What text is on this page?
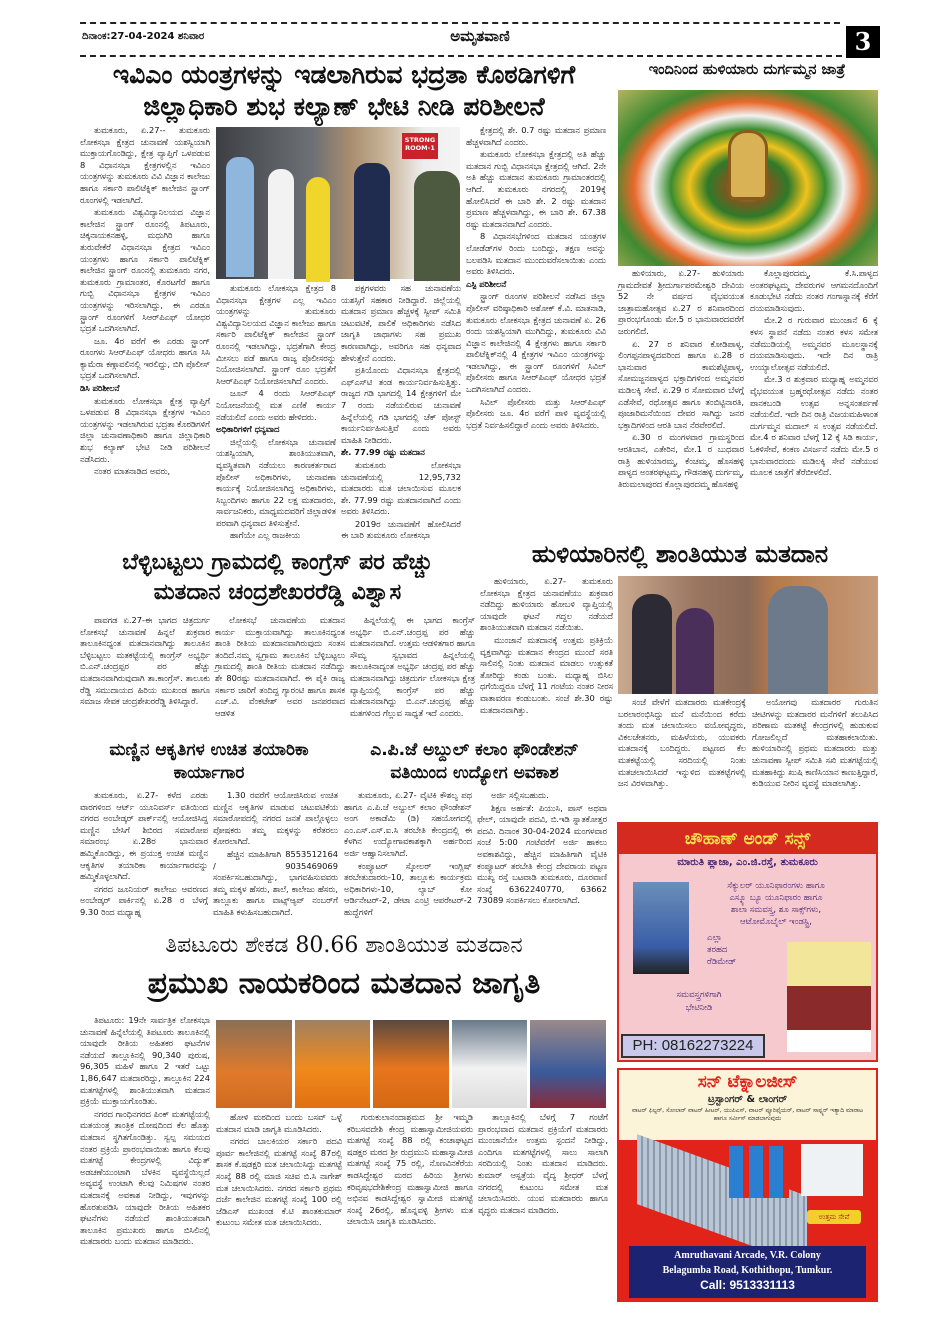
ದಿನಾಂಕ:27-04-2024 ಶನಿವಾರ	ಅಮೃತವಾಣಿ	3
ಇವಿಎಂ ಯಂತ್ರಗಳನ್ನು ಇಡಲಾಗಿರುವ ಭದ್ರತಾ ಕೊಠಡಿಗಳಿಗೆ
ಜಿಲ್ಲಾಧಿಕಾರಿ ಶುಭ ಕಲ್ಯಾಣ್ ಭೇಟಿ ನೀಡಿ ಪರಿಶೀಲನೆ

ತುಮಕೂರು, ಏ.27-- ತುಮಕೂರು ಲೋಕಸಭಾ ಕ್ಷೇತ್ರದ ಚುನಾವಣೆ ಯಶಸ್ವಿಯಾಗಿ ಮುಕ್ತಾಯಗೊಂಡಿದ್ದು, ಕ್ಷೇತ್ರ ವ್ಯಾಪ್ತಿಗೆ ಒಳಪಡುವ 8 ವಿಧಾನಸಭಾ ಕ್ಷೇತ್ರಗಳಲ್ಲಿನ ಇವಿಎಂ ಯಂತ್ರಗಳನ್ನು ತುಮಕೂರು ವಿವಿ ವಿಜ್ಞಾನ ಕಾಲೇಜು ಹಾಗೂ ಸರ್ಕಾರಿ ಪಾಲಿಟೆಕ್ನಿಕ್ ಕಾಲೇಜಿನ ಸ್ಟ್ರಾಂಗ್ ರೂಂಗಳಲ್ಲಿ ಇಡಲಾಗಿದೆ.

ತುಮಕೂರು ವಿಶ್ವವಿದ್ಯಾನಿಲಯದ ವಿಜ್ಞಾನ ಕಾಲೇಜಿನ ಸ್ಟ್ರಾಂಗ್ ರೂಂನಲ್ಲಿ ತಿಪಟೂರು, ಚಿಕ್ಕನಾಯಕನಹಳ್ಳಿ, ಮಧುಗಿರಿ ಹಾಗೂ ತುರುವೇಕೆರೆ ವಿಧಾನಸಭಾ ಕ್ಷೇತ್ರದ ಇವಿಎಂ ಯಂತ್ರಗಳು ಹಾಗೂ ಸರ್ಕಾರಿ ಪಾಲಿಟೆಕ್ನಿಕ್ ಕಾಲೇಜಿನ ಸ್ಟ್ರಾಂಗ್ ರೂಂನಲ್ಲಿ ತುಮಕೂರು ನಗರ, ತುಮಕೂರು ಗ್ರಾಮಾಂತರ, ಕೊರಟಗೆರೆ ಹಾಗೂ ಗುಬ್ಬಿ ವಿಧಾನಸಭಾ ಕ್ಷೇತ್ರಗಳ ಇವಿಎಂ ಯಂತ್ರಗಳನ್ನು ಇರಿಸಲಾಗಿದ್ದು, ಈ ಎರಡೂ ಸ್ಟ್ರಾಂಗ್ ರೂಂಗಳಿಗೆ ಸಿಆರ್‌ಪಿಎಫ್ ಯೋಧರ ಭದ್ರತೆ ಒದಗಿಸಲಾಗಿದೆ.

ಜೂ. 4ರ ವರೆಗೆ ಈ ಎರಡು ಸ್ಟ್ರಾಂಗ್ ರೂಂಗಳು ಸಿಆರ್‌ಪಿಎಫ್ ಯೋಧರು ಹಾಗೂ ಸಿಸಿ ಕ್ಯಾಮೆರಾ ಕಣ್ಗಾವಲಿನಲ್ಲಿ ಇರಲಿದ್ದು, ಬಿಗಿ ಪೊಲೀಸ್ ಭದ್ರತೆ ಒದಗಿಸಲಾಗಿದೆ.

ಡಿಸಿ ಪರಿಶೀಲನೆ

ತುಮಕೂರು ಲೋಕಸಭಾ ಕ್ಷೇತ್ರ ವ್ಯಾಪ್ತಿಗೆ ಒಳಪಡುವ 8 ವಿಧಾನಸಭಾ ಕ್ಷೇತ್ರಗಳ ಇವಿಎಂ ಯಂತ್ರಗಳನ್ನು ಇಡಲಾಗಿರುವ ಭದ್ರತಾ ಕೊಠಡಿಗಳಿಗೆ ಜಿಲ್ಲಾ ಚುನಾವಣಾಧಿಕಾರಿ ಹಾಗೂ ಜಿಲ್ಲಾಧಿಕಾರಿ ಶುಭ ಕಲ್ಯಾಣ್ ಭೇಟಿ ನೀಡಿ ಪರಿಶೀಲನೆ ನಡೆಸಿದರು.

ನಂತರ ಮಾತನಾಡಿದ ಅವರು,

STRONG ROOM-1

ತುಮಕೂರು ಲೋಕಸಭಾ ಕ್ಷೇತ್ರದ 8 ವಿಧಾನಸಭಾ ಕ್ಷೇತ್ರಗಳ ಎಲ್ಲ ಇವಿಎಂ ಯಂತ್ರಗಳನ್ನು ತುಮಕೂರು ವಿಶ್ವವಿದ್ಯಾನಿಲಯದ ವಿಜ್ಞಾನ ಕಾಲೇಜು ಹಾಗೂ ಸರ್ಕಾರಿ ಪಾಲಿಟೆಕ್ನಿಕ್ ಕಾಲೇಜಿನ ಸ್ಟ್ರಾಂಗ್ ರೂಂನಲ್ಲಿ ಇಡಲಾಗಿದ್ದು, ಭದ್ರತೆಗಾಗಿ ಕೇಂದ್ರ ಮೀಸಲು ಪಡೆ ಹಾಗೂ ರಾಜ್ಯ ಪೊಲೀಸರನ್ನು ನಿಯೋಜಿಸಲಾಗಿದೆ. ಸ್ಟ್ರಾಂಗ್ ರೂಂ ಭದ್ರತೆಗೆ ಸಿಆರ್‌ಪಿಎಫ್ ನಿಯೋಜಿಸಲಾಗಿದೆ ಎಂದರು.

ಜೂನ್ 4 ರಂದು ಸಿಆರ್‌ಪಿಎಫ್ ನಿಯೋಜನೆಯಲ್ಲಿ ಮತ ಎಣಿಕೆ ಕಾರ್ಯ ನಡೆಯಲಿದೆ ಎಂದು ಅವರು ಹೇಳಿದರು.

ಅಧಿಕಾರಿಗಳಿಗೆ ಧನ್ಯವಾದ

ಜಿಲ್ಲೆಯಲ್ಲಿ ಲೋಕಸಭಾ ಚುನಾವಣೆ ಯಶಸ್ವಿಯಾಗಿ, ಶಾಂತಿಯುತವಾಗಿ, ವ್ಯವಸ್ಥಿತವಾಗಿ ನಡೆಯಲು ಕಾರಣಕರ್ತರಾದ ಪೊಲೀಸ್ ಅಧಿಕಾರಿಗಳು, ಚುನಾವಣಾ ಕಾರ್ಯಕ್ಕೆ ನಿಯೋಜಿಸಲಾಗಿದ್ದ ಅಧಿಕಾರಿಗಳು, ಸಿಬ್ಬಂದಿಗಳು ಹಾಗೂ 22 ಲಕ್ಷ ಮತದಾರರು, ಸಾರ್ವಜನಿಕರು, ಮಾಧ್ಯಮದವರಿಗೆ ಜಿಲ್ಲಾಡಳಿತ ಪರವಾಗಿ ಧನ್ಯವಾದ ತಿಳಿಸುತ್ತೇನೆ.

ಹಾಗೆಯೇ ಎಲ್ಲ ರಾಜಕೀಯ

ಪಕ್ಷಗಳವರು ಸಹ ಚುನಾವಣೆಯ ಯಶಸ್ಸಿಗೆ ಸಹಕಾರ ನೀಡಿದ್ದಾರೆ. ಜಿಲ್ಲೆಯಲ್ಲಿ ಮತದಾನ ಪ್ರಮಾಣ ಹೆಚ್ಚಳಕ್ಕೆ ಸ್ವೀಪ್ ಸಮಿತಿ ಚಟುವಟಿಕೆ, ಪಾಲಿಕೆ ಅಧಿಕಾರಿಗಳು ನಡೆಸಿದ ಜಾಗೃತಿ ಜಾಥಾಗಳು ಸಹ ಪ್ರಮುಖ ಕಾರಣವಾಗಿದ್ದು, ಅವರಿಗೂ ಸಹ ಧನ್ಯವಾದ ಹೇಳುತ್ತೇನೆ ಎಂದರು.

ಪ್ರತಿಯೊಂದು ವಿಧಾನಸಭಾ ಕ್ಷೇತ್ರದಲ್ಲಿ ಎಫ್‌ಎಸ್‌ಟಿ ತಂಡ ಕಾರ್ಯನಿರ್ವಹಿಸುತ್ತಿತ್ತು. ರಾಜ್ಯದ ಗಡಿ ಭಾಗದಲ್ಲಿ 14 ಕ್ಷೇತ್ರಗಳಿಗೆ ಮೇ 7 ರಂದು ನಡೆಯಲಿರುವ ಚುನಾವಣೆ ಹಿನ್ನೆಲೆಯಲ್ಲಿ ಗಡಿ ಭಾಗದಲ್ಲಿ ಚೆಕ್ ಪೋಸ್ಟ್ ಕಾರ್ಯನಿರ್ವಹಿಸುತ್ತಿವೆ ಎಂದು ಅವರು ಮಾಹಿತಿ ನೀಡಿದರು.

ಶೇ. 77.99 ರಷ್ಟು ಮತದಾನ

ತುಮಕೂರು ಲೋಕಸಭಾ ಚುನಾವಣೆಯಲ್ಲಿ 12,95,732 ಮತದಾರರು ಮತ ಚಲಾಯಿಸುವ ಮೂಲಕ ಶೇ. 77.99 ರಷ್ಟು ಮತದಾನವಾಗಿದೆ ಎಂದು ಅವರು ತಿಳಿಸಿದರು.

2019ರ ಚುನಾವಣೆಗೆ ಹೋಲಿಸಿದರೆ ಈ ಬಾರಿ ತುಮಕೂರು ಲೋಕಸಭಾ

ಕ್ಷೇತ್ರದಲ್ಲಿ ಶೇ. 0.7 ರಷ್ಟು ಮತದಾನ ಪ್ರಮಾಣ ಹೆಚ್ಚಳವಾಗಿದೆ ಎಂದರು.

ತುಮಕೂರು ಲೋಕಸಭಾ ಕ್ಷೇತ್ರದಲ್ಲಿ ಅತಿ ಹೆಚ್ಚು ಮತದಾನ ಗುಬ್ಬಿ ವಿಧಾನಸಭಾ ಕ್ಷೇತ್ರದಲ್ಲಿ ಆಗಿದೆ. 2ನೇ ಅತಿ ಹೆಚ್ಚು ಮತದಾನ ತುಮಕೂರು ಗ್ರಾಮಾಂತರದಲ್ಲಿ ಆಗಿದೆ. ತುಮಕೂರು ನಗರದಲ್ಲಿ 2019ಕ್ಕೆ ಹೋಲಿಸಿದರೆ ಈ ಬಾರಿ ಶೇ. 2 ರಷ್ಟು ಮತದಾನ ಪ್ರಮಾಣ ಹೆಚ್ಚಳವಾಗಿದ್ದು, ಈ ಬಾರಿ ಶೇ. 67.38 ರಷ್ಟು ಮತದಾನವಾಗಿದೆ ಎಂದರು.

8 ವಿಧಾನಸಭೆಗಳಿಂದ ಮತದಾನ ಯಂತ್ರಗಳ ಲೋಡೆಡ್‌ಗಳ ರಿಂದು ಬಂದಿದ್ದು, ತಕ್ಷಣ ಅವನ್ನು ಬಲಪಡಿಸಿ ಮತದಾನ ಮುಂದುವರೆಸಲಾಯಿತು ಎಂದು ಅವರು ತಿಳಿಸಿದರು.

ಎಸ್ಪಿ ಪರಿಶೀಲನೆ

ಸ್ಟ್ರಾಂಗ್ ರೂಂಗಳ ಪರಿಶೀಲನೆ ನಡೆಸಿದ ಜಿಲ್ಲಾ ಪೊಲೀಸ್ ವರಿಷ್ಠಾಧಿಕಾರಿ ಅಶೋಕ್ ಕೆ.ವಿ. ಮಾತನಾಡಿ, ತುಮಕೂರು ಲೋಕಸಭಾ ಕ್ಷೇತ್ರದ ಚುನಾವಣೆ ಏ. 26 ರಂದು ಯಶಸ್ವಿಯಾಗಿ ಮುಗಿದಿದ್ದು, ತುಮಕೂರು ವಿವಿ ವಿಜ್ಞಾನ ಕಾಲೇಜಿನಲ್ಲಿ 4 ಕ್ಷೇತ್ರಗಳು ಹಾಗೂ ಸರ್ಕಾರಿ ಪಾಲಿಟೆಕ್ನಿಕ್‌ನಲ್ಲಿ 4 ಕ್ಷೇತ್ರಗಳ ಇವಿಎಂ ಯಂತ್ರಗಳನ್ನು ಇಡಲಾಗಿದ್ದು, ಈ ಸ್ಟ್ರಾಂಗ್ ರೂಂಗಳಿಗೆ ಸಿವಿಲ್ ಪೊಲೀಸರು ಹಾಗೂ ಸಿಆರ್‌ಪಿಎಫ್ ಯೋಧರ ಭದ್ರತೆ ಒದಗಿಸಲಾಗಿದೆ ಎಂದರು.

ಸಿವಿಲ್ ಪೊಲೀಸರು ಮತ್ತು ಸಿಆರ್‌ಪಿಎಫ್ ಪೊಲೀಸರು ಜೂ. 4ರ ವರೆಗೆ ಪಾಳಿ ವ್ಯವಸ್ಥೆಯಲ್ಲಿ ಭದ್ರತೆ ನಿರ್ವಹಿಸಲಿದ್ದಾರೆ ಎಂದು ಅವರು ತಿಳಿಸಿದರು.

ಇಂದಿನಿಂದ ಹುಳಿಯಾರು ದುರ್ಗಮ್ಮನ ಜಾತ್ರೆ

ಹುಳಿಯಾರು, ಏ.27- ಹುಳಿಯಾರು ಗ್ರಾಮದೇವತೆ ಶ್ರೀದುರ್ಗಾಪರಮೇಶ್ವರಿ ದೇವಿಯ 52 ನೇ ವರ್ಷದ ವೈಭವಯುತ ಜಾತ್ರಾಮಹೋತ್ಸವ ಏ.27 ರ ಶನಿವಾರದಿಂದ ಪ್ರಾರಂಭಗೊಂಡು ಮೇ.5 ರ ಭಾನುವಾರದವರೆಗೆ ಜರುಗಲಿದೆ.

ಏ. 27 ರ ಶನಿವಾರ ಕೋಡಿಪಾಳ್ಯ, ಲಿಂಗಪ್ಪನಪಾಳ್ಯದವರಿಂದ ಹಾಗೂ ಏ.28 ರ ಭಾನುವಾರ ಕಾಮಶೆಟ್ಟಿಪಾಳ್ಯ, ಸೋಮಜ್ಜನಪಾಳ್ಯದ ಭಕ್ತಾದಿಗಳಿಂದ ಅಮ್ಮನವರ ಮಡಿಲಕ್ಕಿ ಸೇವೆ. ಏ.29 ರ ಸೋಮವಾರ ಬೆಳಗ್ಗೆ ಎಡೆಸೇವೆ, ರಥೋತ್ಸವ ಹಾಗೂ ತಂಬಿಟ್ಟಿನಾರತಿ, ಪೂಜಾರಿಮನೆಯಿಂದ ದೇವರ ಸಾಗಿದ್ದು ಜನರ ಭಕ್ತಾದಿಗಳಿಂದ ಆರತಿ ಬಾನ ನೆರವೇರಲಿದೆ.

ಏ.30 ರ ಮಂಗಳವಾರ ಗ್ರಾಮಸ್ಥರಿಂದ ಆರತಿಬಾನ, ಎತೇರಿನ, ಮೇ.1 ರ ಬುಧವಾರ ರಾತ್ರಿ ಹುಳಿಯಾರಮ್ಮ, ಕೆಂಚಮ್ಮ, ಹೊಸಹಳ್ಳಿ ಪಾಳ್ಯದ ಅಂತರಘಟ್ಟಮ್ಮ, ಗೌಡನಹಳ್ಳಿ ದುರ್ಗಮ್ಮ, ತಿರುಮಲಾಪುರದ ಕೊಲ್ಲಾಪುರದಮ್ಮ ಹೊಸಹಳ್ಳಿ

ಕೊಲ್ಲಾಪುರದಮ್ಮ, ಕೆ.ಸಿ.ಪಾಳ್ಯದ ಅಂತರಘಟ್ಟಮ್ಮ ದೇವರುಗಳ ಆಗಮನದೊಂದಿಗೆ ಕೂಡುಭೇಟಿ ನಡೆದು ನಂತರ ಗಂಗಾಸ್ನಾನಕ್ಕೆ ಕೆರೆಗೆ ದಯಮಾಡಿಸುವುದು.

ಮೇ.2 ರ ಗುರುವಾರ ಮುಂಜಾನೆ 6 ಕ್ಕೆ ಕಳಸ ಸ್ಥಾಪನೆ ನಡೆದು ನಂತರ ಕಳಸ ಸಮೇತ ನಡೆಮುಡಿಯಲ್ಲಿ ಅಮ್ಮನವರ ಮೂಲಸ್ಥಾನಕ್ಕೆ ದಯಮಾಡಿಸುವುದು. ಇದೇ ದಿನ ರಾತ್ರಿ ಉಯ್ಯಾಲೋತ್ಸವ ನಡೆಯಲಿದೆ.

ಮೇ.3 ರ ಶುಕ್ರವಾರ ಮಧ್ಯಾಹ್ನ ಅಮ್ಮನವರ ವೈಭವಯುತ ಬ್ರಹ್ಮರಥೋತ್ಸವ ನಡೆದು ನಂತರ ಪಾನಕಬಂಡಿ ಉತ್ಸವ ಅನ್ನಸಂತರ್ಪಣೆ ನಡೆಯಲಿದೆ. ಇದೇ ದಿನ ರಾತ್ರಿ ವಿಜಯಮಹಿಳಾಂತ ದುರ್ಗಮ್ಮನ ಮದಾಲ್ ಸ ಉತ್ಸವ ನಡೆಯಲಿದೆ. ಮೇ.4 ರ ಶನಿವಾರ ಬೆಳಗ್ಗೆ 12 ಕ್ಕೆ ಸಿಡಿ ಕಾರ್ಯ, ಓಕಳಿಸೇವೆ, ಕಂಕಣ ವಿಸರ್ಜನೆ ನಡೆದು ಮೇ.5 ರ ಭಾನುವಾರದಂದು ಮಡಿಲಕ್ಕಿ ಸೇವೆ ನಡೆಯುವ ಮೂಲಕ ಜಾತ್ರೆಗೆ ತೆರೆಬೀಳಲಿದೆ.

ಬೆಳ್ಳಿಬಟ್ಟಲು ಗ್ರಾಮದಲ್ಲಿ ಕಾಂಗ್ರೆಸ್ ಪರ ಹೆಚ್ಚು
ಮತದಾನ ಚಂದ್ರಶೇಖರರೆಡ್ಡಿ ವಿಶ್ವಾಸ

ಪಾವಗಡ ಏ.27-ಈ ಭಾಗದ ಚಿತ್ರದುರ್ಗ ಲೋಕಸಭೆ ಚುನಾವಣೆ ಹಿನ್ನಲೆ ಶುಕ್ರವಾರ ತಾಲೂಕಿನಧ್ಯಂತ ಮತದಾನವಾಗಿದ್ದು ತಾಲೂಕಿನ ಬೆಳ್ಳಿಬಟ್ಟಲು ಮತಕಟ್ಟೆಯಲ್ಲಿ ಕಾಂಗ್ರೆಸ್ ಅಭ್ಯರ್ಥಿ ಬಿ.ಎನ್.ಚಂದ್ರಪ್ಪರ ಪರ ಹೆಚ್ಚು ಮತದಾನವಾಗಿರುವುದಾಗಿ ತಾ.ಕಾಂಗ್ರೆಸ್. ತಾಲೂಕು ರೆಡ್ಡಿ ಸಮುದಾಯದ ಹಿರಿಯ ಮುಖಂಡ ಹಾಗೂ ಸಮಾಜ ಸೇವಕ ಚಂದ್ರಶೇಖರರೆಡ್ಡಿ ತಿಳಿಸಿದ್ದಾರೆ.

ಲೋಕಸಭೆ ಚುನಾವಣೆಯ ಮತದಾನ ಕಾರ್ಯ ಮುಕ್ತಾಯವಾಗಿದ್ದು ತಾಲೂಕಿನಧ್ಯಂತ ಶಾಂತಿ ರೀತಿಯ ಮತದಾನವಾಗಿರುವುದು ಸಂತಸ ತಂದಿದೆ.ನಮ್ಮ ಸ್ವಗ್ರಾಮ ತಾಲೂಕಿನ ಬೆಳ್ಳಿಬಟ್ಟಲು ಗ್ರಾಮದಲ್ಲಿ ಶಾಂತಿ ರೀತಿಯ ಮತದಾನ ನಡೆದಿದ್ದು ಶೇ 80ರಷ್ಟು ಮತದಾನವಾಗಿದೆ. ಈ ಪೈಕಿ ರಾಜ್ಯ ಸರ್ಕಾರ ಜಾರಿಗೆ ತಂದಿದ್ದ ಗ್ಯಾರಂಟಿ ಹಾಗೂ ಶಾಸಕ ಎಚ್.ವಿ. ವೆಂಕಟೇಶ್ ಅವರ ಜನಪರವಾದ ಆಡಳಿತ

ಹಿನ್ನಲೆಯಲ್ಲಿ ಈ ಭಾಗದ ಕಾಂಗ್ರೆಸ್ ಅಭ್ಯರ್ಥಿ ಬಿ.ಎನ್.ಚಂದ್ರಪ್ಪ ಪರ ಹೆಚ್ಚು ಮತದಾನವಾಗಿದೆ. ಉತ್ತಮ ಆಡಳಿತಗಾರ ಹಾಗೂ ಸೌಮ್ಯ ಸ್ವಭಾವದ ಹಿನ್ನಲೆಯಲ್ಲಿ ತಾಲೂಕಿನಾದ್ಯಂತ ಅಭ್ಯರ್ಥಿ ಚಂದ್ರಪ್ಪ ಪರ ಹೆಚ್ಚು ಮತದಾನವಾಗಿದ್ದು ಚಿತ್ರದುರ್ಗ ಲೋಕಸಭಾ ಕ್ಷೇತ್ರ ವ್ಯಾಪ್ತಿಯಲ್ಲಿ ಕಾಂಗ್ರೆಸ್ ಪರ ಹೆಚ್ಚು ಮತದಾನವಾಗಿದ್ದು ಬಿ.ಎನ್.ಚಂದ್ರಪ್ಪ ಹೆಚ್ಚು ಮತಗಳಿಂದ ಗೆಲ್ಲುವ ಸಾಧ್ಯತೆ ಇದೆ ಎಂದರು.

ಹುಳಿಯಾರಿನಲ್ಲಿ ಶಾಂತಿಯುತ ಮತದಾನ

ಹುಳಿಯಾರು, ಏ.27- ತುಮಕೂರು ಲೋಕಸಭಾ ಕ್ಷೇತ್ರದ ಚುನಾವಣೆಯು ಶುಕ್ರವಾರ ನಡೆದಿದ್ದು ಹುಳಿಯಾರು ಹೋಬಳಿ ವ್ಯಾಪ್ತಿಯಲ್ಲಿ ಯಾವುದೇ ಘಟನೆ ಗದ್ದಲ ನಡೆಯದೆ ಶಾಂತಿಯುತವಾಗಿ ಮತದಾನ ನಡೆಯಿತು.

ಮುಂಜಾನೆ ಮತದಾನಕ್ಕೆ ಉತ್ತಮ ಪ್ರತಿಕ್ರಿಯೆ ವ್ಯಕ್ತವಾಗಿದ್ದು ಮತದಾನ ಕೇಂದ್ರದ ಮುಂದೆ ಸರತಿ ಸಾಲಿನಲ್ಲಿ ನಿಂತು ಮತದಾನ ಮಾಡಲು ಉತ್ಸುಕತೆ ತೋರಿದ್ದು ಕಂಡು ಬಂತು. ಮಧ್ಯಾಹ್ನ ಬಿಸಿಲ ಧಗೆಯಿದ್ದರೂ ಬೆಳಗ್ಗೆ 11 ಗಂಟೆಯ ನಂತರ ನೀರಸ ವಾತಾವರಣ ಕಂಡುಬಂತು. ಸಂಜೆ ಶೇ.30 ರಷ್ಟು ಮತದಾನವಾಗಿತ್ತು.

ಸಂಜೆ ವೇಳೆಗೆ ಮತದಾರರು ಮತಕೇಂದ್ರಕ್ಕೆ ಬರಲಾರಂಭಿಸಿದ್ದು ಮನೆ ಮನೆಯಿಂದ ಕರೆದು ತಂದು ಮತ ಚಲಾಯಿಸಲು ವಯೋವೃದ್ಧರು, ವಿಕಲಚೇತನರು, ಮಹಿಳೆಯರು, ಯುವಕರು ಮತದಾನಕ್ಕೆ ಬಂದಿದ್ದರು. ಪಟ್ಟಣದ ಕೆಲ ಮತಕಟ್ಟೆಯಲ್ಲಿ ಸರದಿಯಲ್ಲಿ ನಿಂತು ಮತಚಲಾಯಿಸಿದರೆ ಇನ್ನುಳಿದ ಮತಕಟ್ಟೆಗಳಲ್ಲಿ ಜನ ವಿರಳವಾಗಿತ್ತು.

ಅಯೋಗವು ಮತದಾರರ ಗುರುತಿನ ಚೀಟಿಗಳನ್ನು ಮತದಾರರ ಮನೆಗಳಿಗೆ ತಲುಪಿಸಿದ ಪರಿಣಾಮ ಮತಕಟ್ಟೆ ಕೇಂದ್ರಗಳಲ್ಲಿ ಹುಡುಕುವ ಗೋಜಲಿಲ್ಲದೆ ಮತಹಾಕಲಾಯಿತು. ಹುಳಿಯಾರಿನಲ್ಲಿ ಪ್ರಥಮ ಮತದಾರರು ಮತ್ತು ಚುನಾವಣಾ ಸ್ವೀಪ್ ಸಮಿತಿ ಸಖಿ ಮತಗಟ್ಟೆಯಲ್ಲಿ ಮತಹಾಕಿದ್ದು ಖುಷಿ ಕಾಣಿಸಿಯಾನ ಕಾಣುತ್ತಿದ್ದಾರೆ, ಕುಡಿಯುವ ನೀರಿನ ವ್ಯವಸ್ಥೆ ಮಾಡಲಾಗಿತ್ತು.

ಮಣ್ಣಿನ ಆಕೃತಿಗಳ ಉಚಿತ ತಯಾರಿಕಾ
ಕಾರ್ಯಾಗಾರ

ತುಮಕೂರು, ಏ.27- ಕಳೆದ ಎರಡು ವಾರಗಳಿಂದ ಆರ್ಟ್ ಯೂನಿವರ್ಸ್ ವತಿಯಿಂದ ನಗರದ ಅಂಬೇಡ್ಕರ್ ಪಾರ್ಕ್‌ನಲ್ಲಿ ಆಯೋಜಿಸಿದ್ದ ಮಣ್ಣಿನ ಬೇಸಿಗೆ ಶಿಬಿರದ ಸಮಾರೋಪ ಸಮಾರಂಭ ಏ.28ರ ಭಾನುವಾರ ಹಮ್ಮಿಕೊಂಡಿದ್ದು, ಈ ಪ್ರಯುಕ್ತ ಉಚಿತ ಮಣ್ಣಿನ ಆಕೃತಿಗಳ ತಯಾರಿಕಾ ಕಾರ್ಯಾಗಾರವನ್ನು ಹಮ್ಮಿಕೊಳ್ಳಲಾಗಿದೆ.

ನಗರದ ಜೂನಿಯರ್ ಕಾಲೇಜು ಆವರಣದ ಅಂಬೇಡ್ಕರ್ ಪಾರ್ಕಿನಲ್ಲಿ ಏ.28 ರ ಬೆಳಗ್ಗೆ 9.30 ರಿಂದ ಮಧ್ಯಾಹ್ನ

1.30 ರವರೆಗೆ ಆಯೋಜಿಸಿರುವ ಉಚಿತ ಮಣ್ಣಿನ ಆಕೃತಿಗಳ ಮಾಡುವ ಚಟುವಟಿಕೆಯ ಸಮಾರೋಪದಲ್ಲಿ ನಗರದ ಜನತೆ ಪಾಲ್ಗೊಳ್ಳಲು ಪೋಷಕರು ತಮ್ಮ ಮಕ್ಕಳನ್ನು ಕರೆತರಲು ಕೋರಲಾಗಿದೆ.

ಹೆಚ್ಚಿನ ಮಾಹಿತಿಗಾಗಿ 8553512164 / 9035469069 ಸಂಪರ್ಕಿಸಬಹುದಾಗಿದ್ದು, ಭಾಗವಹಿಸುವವರು ತಮ್ಮ ಮಕ್ಕಳ ಹೆಸರು, ಶಾಲೆ, ಕಾಲೇಜು ಹೆಸರು, ತಾಲ್ಲೂಕು ಹಾಗೂ ವಾಟ್ಸ್‌ಆ್ಯಪ್ ನಂಬರ್‌ಗೆ ಮಾಹಿತಿ ಕಳುಹಿಸಬಹುದಾಗಿದೆ.

ಎ.ಪಿ.ಜೆ ಅಬ್ದುಲ್ ಕಲಾಂ ಫೌಂಡೇಶನ್
ವತಿಯಿಂದ ಉದ್ಯೋಗ ಅವಕಾಶ

ತುಮಕೂರು, ಏ.27- ವೈಟಿಕಿ ಕೌಶಲ್ಯ ಪಥ ಹಾಗೂ ಎ.ಪಿ.ಜೆ ಅಬ್ದುಲ್ ಕಲಾಂ ಫೌಂಡೇಶನ್ ಅಂಗ ಅಕಾಡೆಮಿ (ಡಿ) ಸಹಯೋಗದಲ್ಲಿ ಎಂ.ಎಸ್.ಎಸ್.ಐ.ಸಿ ತರಬೇತಿ ಕೇಂದ್ರದಲ್ಲಿ ಈ ಕೆಳಗಿನ ಉದ್ಯೋಗಾವಕಾಶಕ್ಕಾಗಿ ಅರ್ಹರಿಂದ ಅರ್ಜಿ ಆಹ್ವಾನಿಸಲಾಗಿದೆ.

ಕಂಪ್ಯೂಟರ್ ಸ್ಕೋಲರ್ ಇಂಗ್ಲಿಷ್ ತರಬೇತುದಾರರು-10, ತಾಲ್ಲೂಕು ಕಾರ್ಯಕ್ರಮ ಅಧಿಕಾರಿಗಳು-10, ಲ್ಯಾಬ್ ಕೋ ಆರ್ಡಿನೇಟರ್-2, ಡೇಟಾ ಎಂಟ್ರಿ ಆಪರೇಟರ್-2 ಹುದ್ದೆಗಳಿಗೆ

ಅರ್ಜಿ ಸಲ್ಲಿಸಬಹುದು.

ಶಿಕ್ಷಣ ಅರ್ಹತೆ: ಪಿಯುಸಿ, ಪಾಸ್ ಅಥವಾ ಫೇಲ್, ಯಾವುದೇ ಪದವಿ, ಬಿ.ಇಡಿ ಸ್ನಾತಕೋತ್ತರ ಪದವಿ. ದಿನಾಂಕ 30-04-2024 ಮಂಗಳವಾರ ಸಂಜೆ 5:00 ಗಂಟೆವರೆಗೆ ಅರ್ಜಿ ಹಾಕಲು ಅವಕಾಶವಿದ್ದು, ಹೆಚ್ಚಿನ ಮಾಹಿತಿಗಾಗಿ ವೈಟಿಕಿ ಕಂಪ್ಯೂಟರ್ ತರಬೇತಿ ಕೇಂದ್ರ ದೇವರಾಯ ಪಟ್ಟಣ ಮುಖ್ಯ ರಸ್ತೆ ಬಟವಾಡಿ ತುಮಕೂರು, ದೂರವಾಣಿ ಸಂಖ್ಯೆ 6362240770, 63662 73089 ಸಂಪರ್ಕಿಸಲು ಕೋರಲಾಗಿದೆ.

ಚೌಹಾಣ್ ಅಂಡ್ ಸನ್ಸ್
ಮಾರುತಿ ಪ್ಲಾಜಾ, ಎಂ.ಜಿ.ರಸ್ತೆ, ತುಮಕೂರು
ಸೆಕ್ಯುಲರ್ ಯೂನಿಫಾರಂಗಳು ಹಾಗೂ
ಎಸ್ಕ್ಯೂ ಬ್ಯೂ ಯೂನಿಫಾರಂ ಹಾಗೂ
ಶಾಲಾ ಸಮವಸ್ತ್ರ, ಶೂ ಸಾಕ್ಸ್‌ಗಳು,
ಆಟೋಮೊಬೈಲ್ ಇಂಡಸ್ಟ್ರಿ,
ಎಲ್ಲಾ
ತರಹದ
ರೆಡಿಮೇಡ್
ಸಮವಸ್ತ್ರಗಳಿಗಾಗಿ
ಭೇಟಿನೀಡಿ
PH: 08162273224
ಸನ್ ಟೆಕ್ನಾಲಜೀಸ್
ಟ್ರಸ್ಟಾಂಗರ್ & ಲಾಂಗರ್
ವಾಟರ್ ಫಿಲ್ಟರ್, ಸೋಲಾರ್ ವಾಟರ್ ಹೀಟರ್, ಯುಪಿಎಸ್, ವಾಟರ್ ಪ್ಯೂರಿಫೈಯರ್, ವಾಟರ್ ಸಾಫ್ಟ್ನರ್ ಇತ್ಯಾದಿ ಮಾರಾಟ ಹಾಗೂ ಸರ್ವೀಸ್ ಮಾಡಲಾಗುವುದು
ಉತ್ತಮ ಸೇವೆ
Amruthavani Arcade, V.R. Colony
Belagumba Road, Kothithopu, Tumkur.
Call: 9513331113
ತಿಪಟೂರು ಶೇಕಡ 80.66 ಶಾಂತಿಯುತ ಮತದಾನ
ಪ್ರಮುಖ ನಾಯಕರಿಂದ ಮತದಾನ ಜಾಗೃತಿ

ತಿಪಟೂರು: 19ನೇ ಸಾರ್ವತ್ರಿಕ ಲೋಕಸಭಾ ಚುನಾವಣೆ ಹಿನ್ನೆಲೆಯಲ್ಲಿ ತಿಪಟೂರು ತಾಲೂಕಿನಲ್ಲಿ ಯಾವುದೇ ರೀತಿಯ ಅಹಿತಕರ ಘಟನೆಗಳ ನಡೆಯದೆ ತಾಲ್ಲೂಕಿನಲ್ಲಿ 90,340 ಪುರುಷ, 96,305 ಮಹಿಳೆ ಹಾಗೂ 2 ಇತರೆ ಒಟ್ಟು 1,86,647 ಮತದಾರರಿದ್ದು, ತಾಲ್ಲೂಕಿನ 224 ಮತಗಟ್ಟೆಗಳಲ್ಲಿ ಶಾಂತಿಯುತವಾಗಿ ಮತದಾನ ಪ್ರಕ್ರಿಯೆ ಮುಕ್ತಾಯಗೊಂಡಿತು.

ನಗರದ ಗಾಂಧಿನಗರದ ಪಿಂಕ್ ಮತಗಟ್ಟೆಯಲ್ಲಿ ಮತಯಂತ್ರ ತಾಂತ್ರಿಕ ದೋಷದಿಂದ ಕೆಲ ಹೊತ್ತು ಮತದಾನ ಸ್ಥಗಿತಗೊಂಡಿತ್ತು. ಸ್ವಲ್ಪ ಸಮಯದ ನಂತರ ಪ್ರಕ್ರಿಯೆ ಪ್ರಾರಂಭವಾಯಿತು ಹಾಗೂ ಕೆಲವು ಮತಗಟ್ಟೆ ಕೇಂದ್ರಗಳಲ್ಲಿ ವಿದ್ಯುತ್ ಅಡಚಣೆಯುಂಟಾಗಿ ಬೆಳಕಿನ ವ್ಯವಸ್ಥೆಯಿಲ್ಲದೆ ಅವ್ಯವಸ್ಥೆ ಉಂಟಾಗಿ ಕೆಲವು ನಿಮಿಷಗಳ ನಂತರ ಮತದಾನಕ್ಕೆ ಅವಕಾಶ ನೀಡಿದ್ದು, ಇವುಗಳನ್ನು ಹೊರತುಪಡಿಸಿ ಯಾವುದೇ ರೀತಿಯ ಅಹಿತಕರ ಘಟನೆಗಳು ನಡೆಯದೆ ಶಾಂತಿಯುತವಾಗಿ ತಾಲೂಕಿನ ಪ್ರಮುಖರು ಹಾಗೂ ಬಿಸಿಲಿನಲ್ಲಿ ಮತದಾರರು ಬಂದು ಮತದಾನ ಮಾಡಿದರು.

ಹೋಳಿ ಮಠದಿಂದ ಬಂದು ಬಸವ್ ಒಳ್ಳೆ ಮತದಾನ ಮಾಡಿ ಜಾಗೃತಿ ಮೂಡಿಸಿದರು.

ನಗರದ ಬಾಲಕಿಯರ ಸರ್ಕಾರಿ ಪದವಿ ಪೂರ್ವ ಕಾಲೇಜಿನಲ್ಲಿ ಮತಗಟ್ಟೆ ಸಂಖ್ಯೆ 87ರಲ್ಲಿ ಶಾಸಕ ಕೆ.ಷಡಕ್ಷರಿ ಮತ ಚಲಾಯಿಸಿದ್ದು ಮತಗಟ್ಟೆ ಸಂಖ್ಯೆ 88 ರಲ್ಲಿ ಮಾಜಿ ಸಚಿವ ಬಿ.ಸಿ ನಾಗೇಶ್ ಮತ ಚಲಾಯಿಸಿದರು. ನಗರದ ಸರ್ಕಾರಿ ಪ್ರಥಮ ದರ್ಜೆ ಕಾಲೇಜಿನ ಮತಗಟ್ಟೆ ಸಂಖ್ಯೆ 100 ರಲ್ಲಿ ಜೆಡಿಎಸ್ ಮುಖಂಡ ಕೆ.ಟಿ ಶಾಂತಕುಮಾರ್ ಕುಟುಂಬ ಸಮೇತ ಮತ ಚಲಾಯಿಸಿದರು.

ಗುರುಕುಲಾನಂದಾಶ್ರಮದ ಶ್ರೀ ಇಮ್ಮಡಿ ಕರಿಬಸವದೇಶಿ ಕೇಂದ್ರ ಮಹಾಸ್ವಾಮೀಜಿಯವರು ಮತಗಟ್ಟೆ ಸಂಖ್ಯೆ 88 ರಲ್ಲಿ ಕಂಚಾಘಟ್ಟದ ಷಡಕ್ಷರ ಮಠದ ಶ್ರೀ ರುದ್ರಮುನಿ ಮಹಾಸ್ವಾಮೀಜಿ ಮತಗಟ್ಟೆ ಸಂಖ್ಯೆ 75 ರಲ್ಲಿ, ನೊಣವಿನಕೆರೆಯ ಕಾಡಸಿದ್ದೇಶ್ವರ ಮಠದ ಹಿರಿಯ ಶ್ರೀಗಳು ಕರಿವೃಷಭದೇಶಿಕೇಂದ್ರ ಮಹಾಸ್ವಾಮೀಜಿ ಹಾಗೂ ಅಭಿನವ ಕಾಡಸಿದ್ದೇಶ್ವರ ಸ್ವಾಮೀಜಿ ಮತಗಟ್ಟೆ ಸಂಖ್ಯೆ 26ರಲ್ಲಿ, ಹೊನ್ನವಳ್ಳಿ ಶ್ರೀಗಳು ಮತ ಚಲಾಯಿಸಿ ಜಾಗೃತಿ ಮೂಡಿಸಿದರು.

ತಾಲ್ಲೂಕಿನಲ್ಲಿ ಬೆಳಗ್ಗೆ 7 ಗಂಟೆಗೆ ಪ್ರಾರಂಭವಾದ ಮತದಾನ ಪ್ರಕ್ರಿಯೆಗೆ ಮತದಾರರು ಮುಂಜಾನೆಯೇ ಉತ್ತಮ ಸ್ಪಂದನೆ ನೀಡಿದ್ದು, ಎಂದಿಗೂ ಮತಗಟ್ಟೆಗಳಲ್ಲಿ ಸಾಲು ಸಾಲಾಗಿ ಸರದಿಯಲ್ಲಿ ನಿಂತು ಮತದಾನ ಮಾಡಿದರು. ಕುಮಾರ್ ಆಸ್ಪತ್ರೆಯ ವೈದ್ಯ ಶ್ರೀಧರ್ ಬೆಳಗ್ಗೆ ನಗರದಲ್ಲಿ ಕುಟುಂಬ ಸಮೇತ ಮತ ಚಲಾಯಿಸಿದರು. ಯುವ ಮತದಾರರು ಹಾಗೂ ವೃದ್ಧರು ಮತದಾನ ಮಾಡಿದರು.
